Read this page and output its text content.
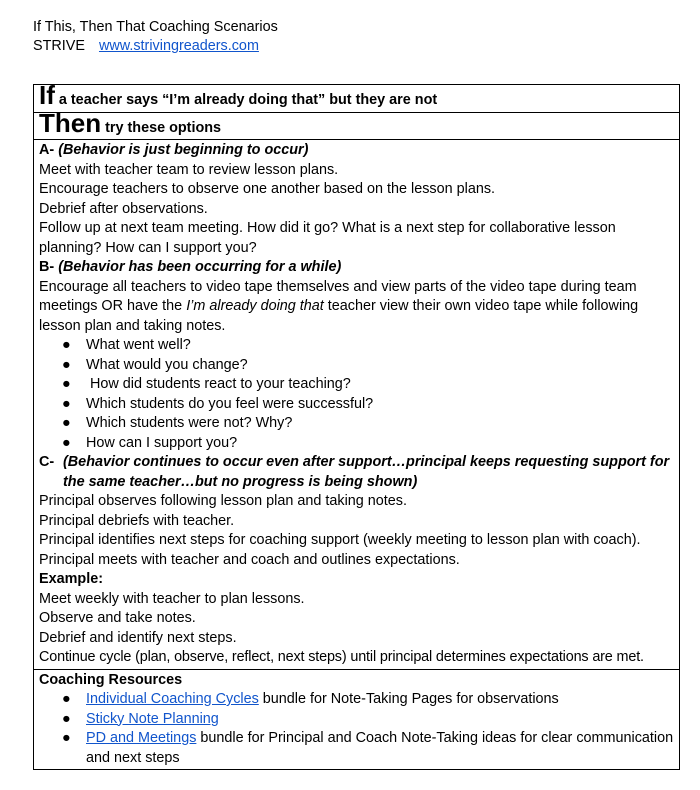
If This, Then That Coaching Scenarios
STRIVE www.strivingreaders.com
If a teacher says “I’m already doing that” but they are not
Then try these options

A- (Behavior is just beginning to occur)
Meet with teacher team to review lesson plans.
Encourage teachers to observe one another based on the lesson plans.
Debrief after observations.
Follow up at next team meeting. How did it go? What is a next step for collaborative lesson planning? How can I support you?
B- (Behavior has been occurring for a while)
Encourage all teachers to video tape themselves and view parts of the video tape during team meetings OR have the I’m already doing that teacher view their own video tape while following lesson plan and taking notes.
● What went well?
● What would you change?
● How did students react to your teaching?
● Which students do you feel were successful?
● Which students were not? Why?
● How can I support you?
C- (Behavior continues to occur even after support…principal keeps requesting support for the same teacher…but no progress is being shown)
Principal observes following lesson plan and taking notes.
Principal debriefs with teacher.
Principal identifies next steps for coaching support (weekly meeting to lesson plan with coach).
Principal meets with teacher and coach and outlines expectations.
Example:
Meet weekly with teacher to plan lessons.
Observe and take notes.
Debrief and identify next steps.
Continue cycle (plan, observe, reflect, next steps) until principal determines expectations are met.

Coaching Resources
● Individual Coaching Cycles bundle for Note-Taking Pages for observations
● Sticky Note Planning
● PD and Meetings bundle for Principal and Coach Note-Taking ideas for clear communication and next steps
